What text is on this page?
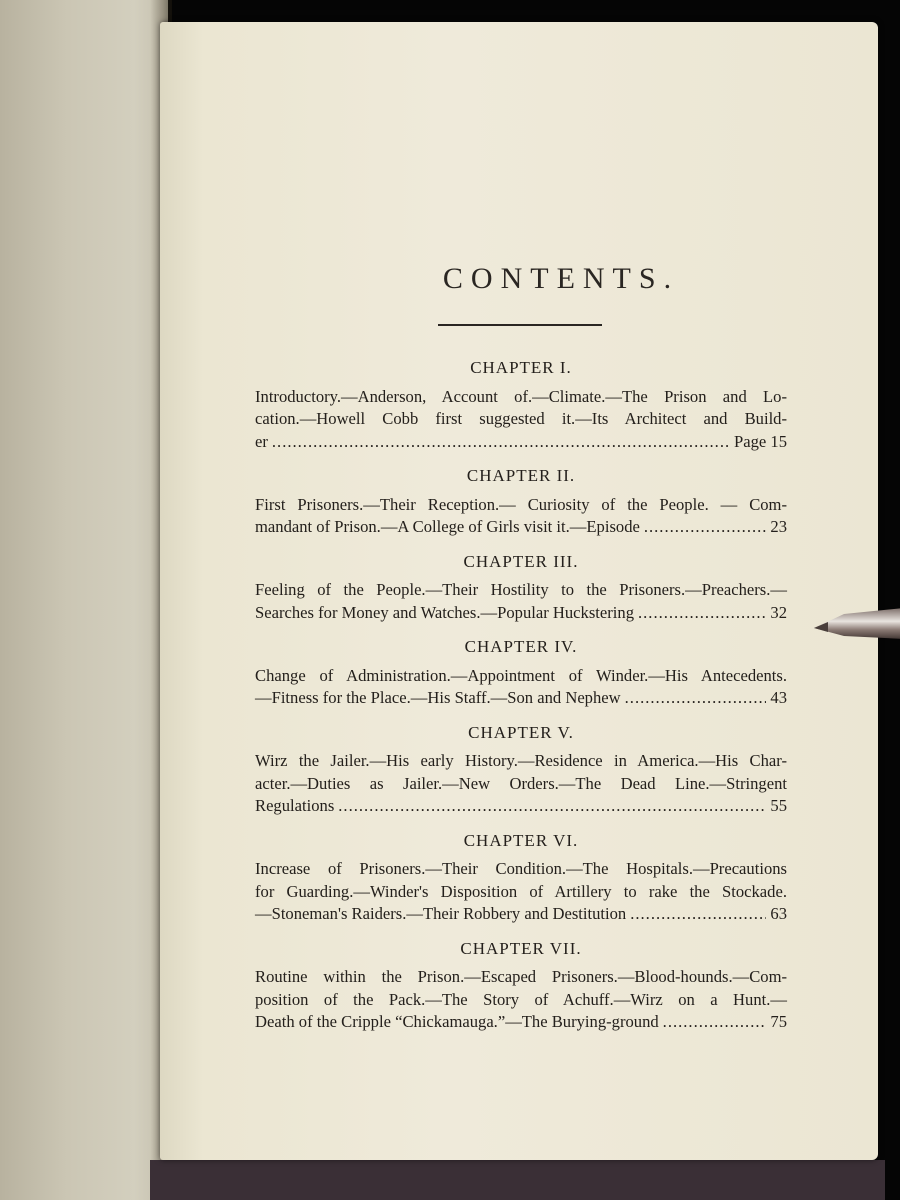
CONTENTS.
CHAPTER I.
Introductory.—Anderson, Account of.—Climate.—The Prison and Lo-
cation.—Howell Cobb first suggested it.—Its Architect and Build-
er .....	Page 15
CHAPTER II.
First Prisoners.—Their Reception.— Curiosity of the People. — Com-
mandant of Prison.—A College of Girls visit it.—Episode .....	23
CHAPTER III.
Feeling of the People.—Their Hostility to the Prisoners.—Preachers.—
Searches for Money and Watches.—Popular Huckstering .....	32
CHAPTER IV.
Change of Administration.—Appointment of Winder.—His Antecedents.
—Fitness for the Place.—His Staff.—Son and Nephew .....	43
CHAPTER V.
Wirz the Jailer.—His early History.—Residence in America.—His Char-
acter.—Duties as Jailer.—New Orders.—The Dead Line.—Stringent
Regulations .....	55
CHAPTER VI.
Increase of Prisoners.—Their Condition.—The Hospitals.—Precautions
for Guarding.—Winder's Disposition of Artillery to rake the Stockade.
—Stoneman's Raiders.—Their Robbery and Destitution .....	63
CHAPTER VII.
Routine within the Prison.—Escaped Prisoners.—Blood-hounds.—Com-
position of the Pack.—The Story of Achuff.—Wirz on a Hunt.—
Death of the Cripple “Chickamauga.”—The Burying-ground .....	75
